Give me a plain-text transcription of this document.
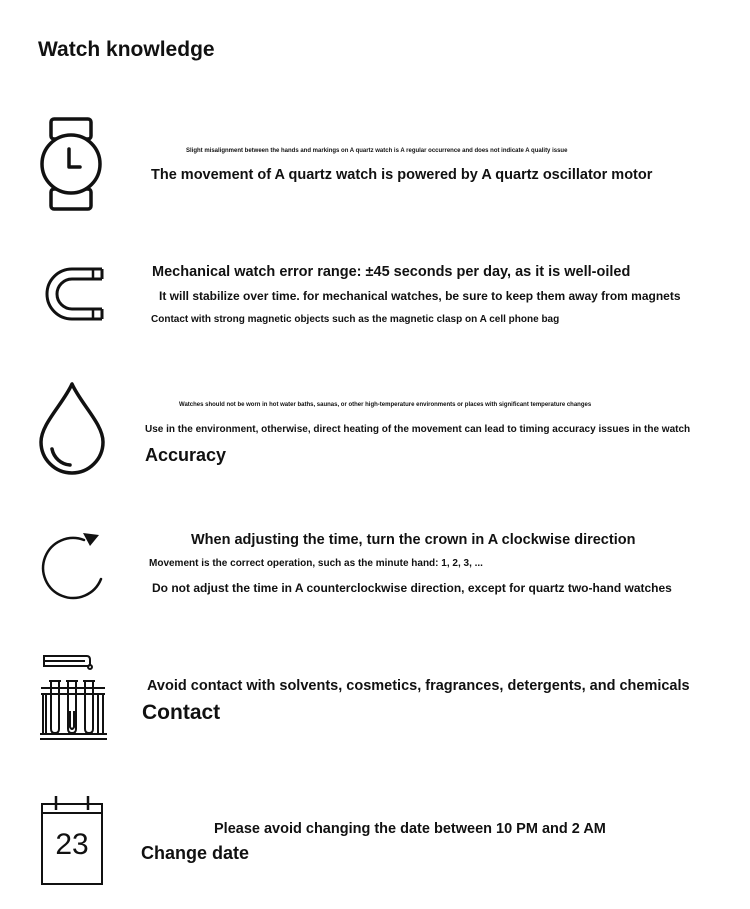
Watch knowledge
Slight misalignment between the hands and markings on A quartz watch is A regular occurrence and does not indicate A quality issue
The movement of A quartz watch is powered by A quartz oscillator motor
Mechanical watch error range: ±45 seconds per day, as it is well-oiled
It will stabilize over time. for mechanical watches, be sure to keep them away from magnets
Contact with strong magnetic objects such as the magnetic clasp on A cell phone bag
Watches should not be worn in hot water baths, saunas, or other high-temperature environments or places with significant temperature changes
Use in the environment, otherwise, direct heating of the movement can lead to timing accuracy issues in the watch
Accuracy
When adjusting the time, turn the crown in A clockwise direction
Movement is the correct operation, such as the minute hand: 1, 2, 3, ...
Do not adjust the time in A counterclockwise direction, except for quartz two-hand watches
Avoid contact with solvents, cosmetics, fragrances, detergents, and chemicals
Contact
23	Please avoid changing the date between 10 PM and 2 AM
Change date
